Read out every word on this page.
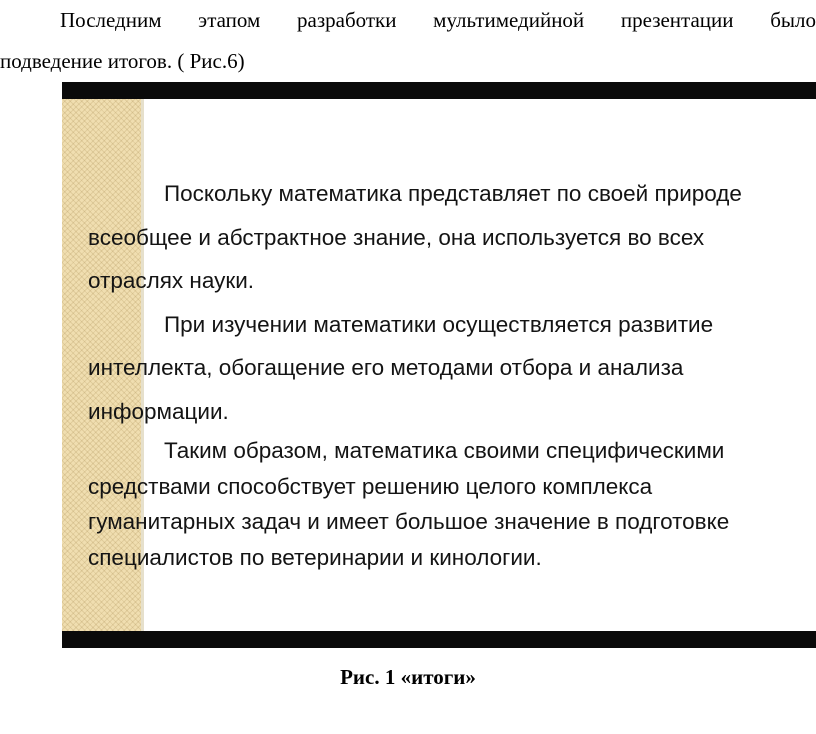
Последним этапом разработки мультимедийной презентации было
подведение итогов. ( Рис.6)

Поскольку математика представляет по своей природе всеобщее и абстрактное знание, она используется во всех отраслях науки.

При изучении математики осуществляется развитие интеллекта, обогащение его методами отбора и анализа информации.

Таким образом, математика своими специфическими средствами способствует решению целого комплекса гуманитарных задач и имеет большое значение в подготовке специалистов по ветеринарии и кинологии.

Рис. 1 «итоги»
